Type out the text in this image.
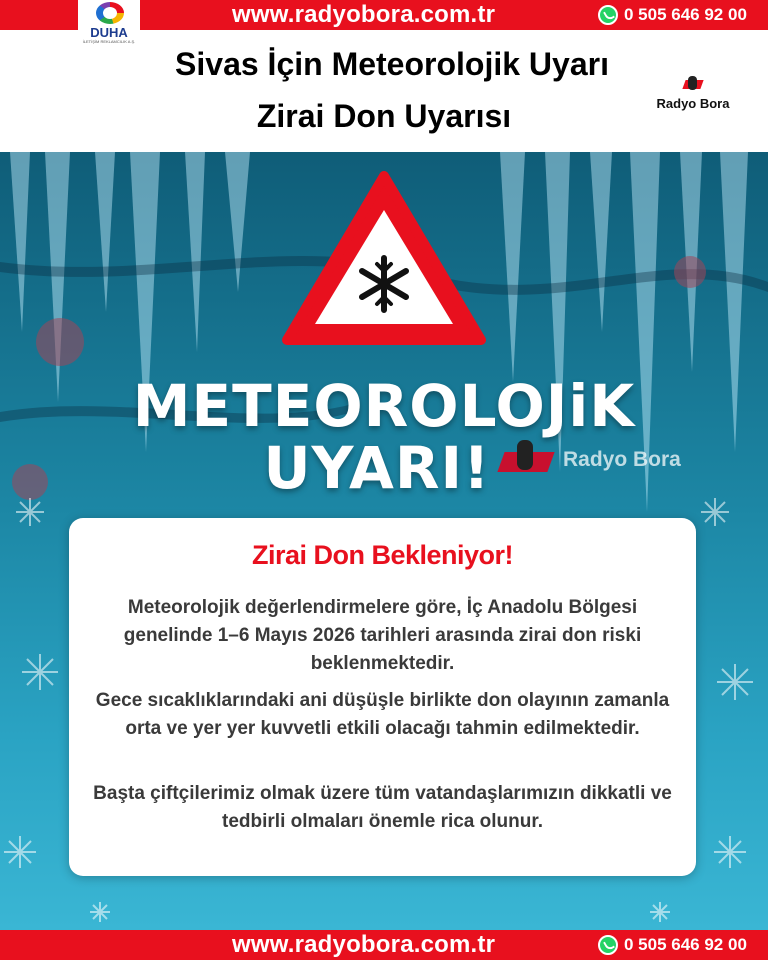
www.radyobora.com.tr	0 505 646 92 00
DUHA
İLETİŞİM REKLAMCILIK A.Ş.
Sivas İçin Meteorolojik Uyarı
Zirai Don Uyarısı	Radyo Bora
METEOROLOJiK
UYARI!	Radyo Bora
Zirai Don Bekleniyor!
Meteorolojik değerlendirmelere göre, İç Anadolu Bölgesi genelinde 1–6 Mayıs 2026 tarihleri arasında zirai don riski beklenmektedir.
Gece sıcaklıklarındaki ani düşüşle birlikte don olayının zamanla orta ve yer yer kuvvetli etkili olacağı tahmin edilmektedir.
Başta çiftçilerimiz olmak üzere tüm vatandaşlarımızın dikkatli ve tedbirli olmaları önemle rica olunur.
www.radyobora.com.tr	0 505 646 92 00
